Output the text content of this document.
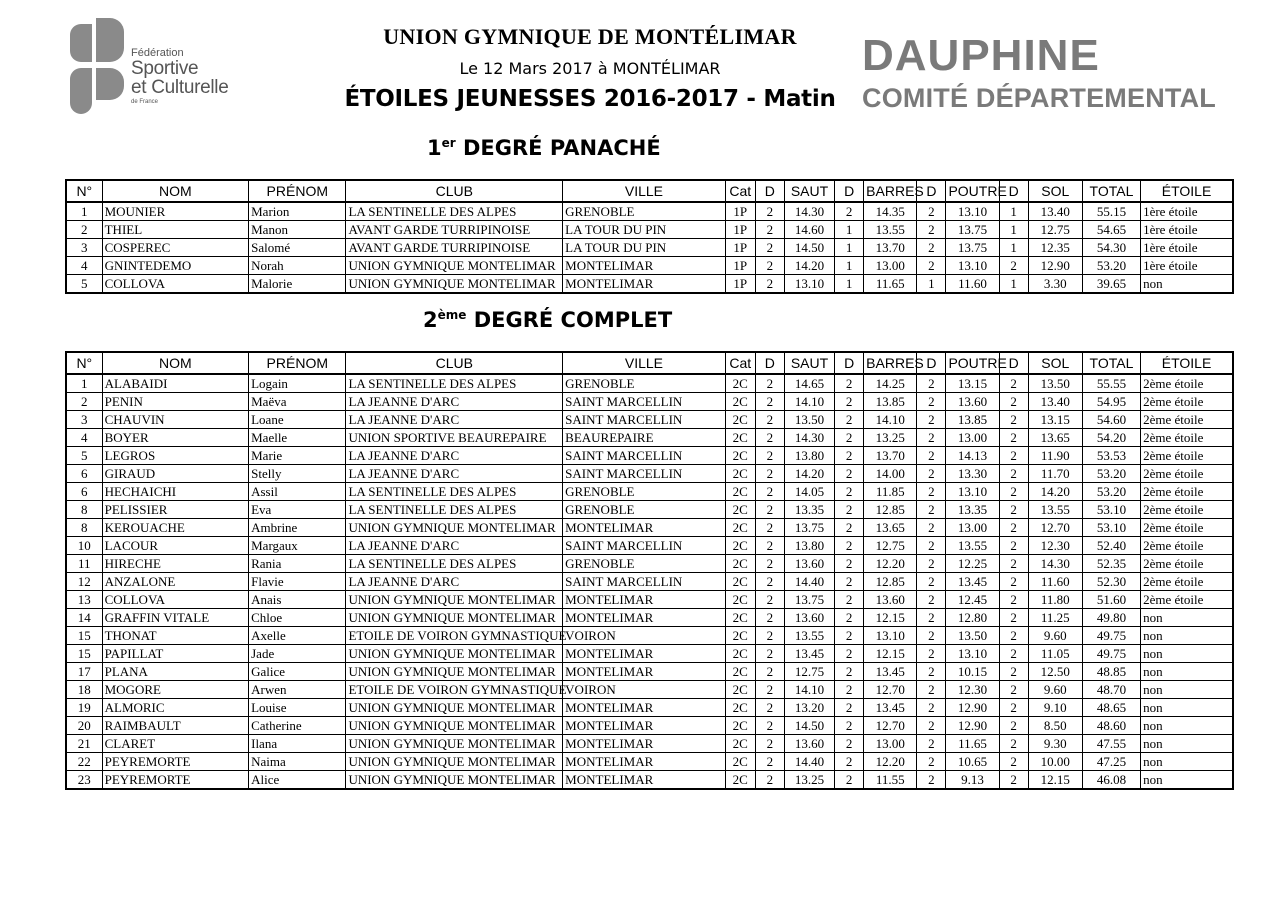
Fédération
Sportive
et Culturelle
de France
UNION GYMNIQUE DE MONTÉLIMAR
Le 12 Mars 2017 à MONTÉLIMAR
ÉTOILES JEUNESSES 2016-2017 - Matin
DAUPHINE
COMITÉ DÉPARTEMENTAL
1er DEGRÉ PANACHÉ
N°	NOM	PRÉNOM	CLUB	VILLE	Cat	D	SAUT	D	BARRES	D	POUTRE	D	SOL	TOTAL	ÉTOILE
1	MOUNIER	Marion	LA SENTINELLE DES ALPES	GRENOBLE	1P	2	14.30	2	14.35	2	13.10	1	13.40	55.15	1ère étoile
2	THIEL	Manon	AVANT GARDE TURRIPINOISE	LA TOUR DU PIN	1P	2	14.60	1	13.55	2	13.75	1	12.75	54.65	1ère étoile
3	COSPEREC	Salomé	AVANT GARDE TURRIPINOISE	LA TOUR DU PIN	1P	2	14.50	1	13.70	2	13.75	1	12.35	54.30	1ère étoile
4	GNINTEDEMO	Norah	UNION GYMNIQUE MONTELIMAR	MONTELIMAR	1P	2	14.20	1	13.00	2	13.10	2	12.90	53.20	1ère étoile
5	COLLOVA	Malorie	UNION GYMNIQUE MONTELIMAR	MONTELIMAR	1P	2	13.10	1	11.65	1	11.60	1	3.30	39.65	non
2ème DEGRÉ COMPLET
N°	NOM	PRÉNOM	CLUB	VILLE	Cat	D	SAUT	D	BARRES	D	POUTRE	D	SOL	TOTAL	ÉTOILE
1	ALABAIDI	Logain	LA SENTINELLE DES ALPES	GRENOBLE	2C	2	14.65	2	14.25	2	13.15	2	13.50	55.55	2ème étoile
2	PENIN	Maëva	LA JEANNE D'ARC	SAINT MARCELLIN	2C	2	14.10	2	13.85	2	13.60	2	13.40	54.95	2ème étoile
3	CHAUVIN	Loane	LA JEANNE D'ARC	SAINT MARCELLIN	2C	2	13.50	2	14.10	2	13.85	2	13.15	54.60	2ème étoile
4	BOYER	Maelle	UNION SPORTIVE BEAUREPAIRE	BEAUREPAIRE	2C	2	14.30	2	13.25	2	13.00	2	13.65	54.20	2ème étoile
5	LEGROS	Marie	LA JEANNE D'ARC	SAINT MARCELLIN	2C	2	13.80	2	13.70	2	14.13	2	11.90	53.53	2ème étoile
6	GIRAUD	Stelly	LA JEANNE D'ARC	SAINT MARCELLIN	2C	2	14.20	2	14.00	2	13.30	2	11.70	53.20	2ème étoile
6	HECHAICHI	Assil	LA SENTINELLE DES ALPES	GRENOBLE	2C	2	14.05	2	11.85	2	13.10	2	14.20	53.20	2ème étoile
8	PELISSIER	Eva	LA SENTINELLE DES ALPES	GRENOBLE	2C	2	13.35	2	12.85	2	13.35	2	13.55	53.10	2ème étoile
8	KEROUACHE	Ambrine	UNION GYMNIQUE MONTELIMAR	MONTELIMAR	2C	2	13.75	2	13.65	2	13.00	2	12.70	53.10	2ème étoile
10	LACOUR	Margaux	LA JEANNE D'ARC	SAINT MARCELLIN	2C	2	13.80	2	12.75	2	13.55	2	12.30	52.40	2ème étoile
11	HIRECHE	Rania	LA SENTINELLE DES ALPES	GRENOBLE	2C	2	13.60	2	12.20	2	12.25	2	14.30	52.35	2ème étoile
12	ANZALONE	Flavie	LA JEANNE D'ARC	SAINT MARCELLIN	2C	2	14.40	2	12.85	2	13.45	2	11.60	52.30	2ème étoile
13	COLLOVA	Anais	UNION GYMNIQUE MONTELIMAR	MONTELIMAR	2C	2	13.75	2	13.60	2	12.45	2	11.80	51.60	2ème étoile
14	GRAFFIN VITALE	Chloe	UNION GYMNIQUE MONTELIMAR	MONTELIMAR	2C	2	13.60	2	12.15	2	12.80	2	11.25	49.80	non
15	THONAT	Axelle	ETOILE DE VOIRON GYMNASTIQUE	VOIRON	2C	2	13.55	2	13.10	2	13.50	2	9.60	49.75	non
15	PAPILLAT	Jade	UNION GYMNIQUE MONTELIMAR	MONTELIMAR	2C	2	13.45	2	12.15	2	13.10	2	11.05	49.75	non
17	PLANA	Galice	UNION GYMNIQUE MONTELIMAR	MONTELIMAR	2C	2	12.75	2	13.45	2	10.15	2	12.50	48.85	non
18	MOGORE	Arwen	ETOILE DE VOIRON GYMNASTIQUE	VOIRON	2C	2	14.10	2	12.70	2	12.30	2	9.60	48.70	non
19	ALMORIC	Louise	UNION GYMNIQUE MONTELIMAR	MONTELIMAR	2C	2	13.20	2	13.45	2	12.90	2	9.10	48.65	non
20	RAIMBAULT	Catherine	UNION GYMNIQUE MONTELIMAR	MONTELIMAR	2C	2	14.50	2	12.70	2	12.90	2	8.50	48.60	non
21	CLARET	Ilana	UNION GYMNIQUE MONTELIMAR	MONTELIMAR	2C	2	13.60	2	13.00	2	11.65	2	9.30	47.55	non
22	PEYREMORTE	Naima	UNION GYMNIQUE MONTELIMAR	MONTELIMAR	2C	2	14.40	2	12.20	2	10.65	2	10.00	47.25	non
23	PEYREMORTE	Alice	UNION GYMNIQUE MONTELIMAR	MONTELIMAR	2C	2	13.25	2	11.55	2	9.13	2	12.15	46.08	non
